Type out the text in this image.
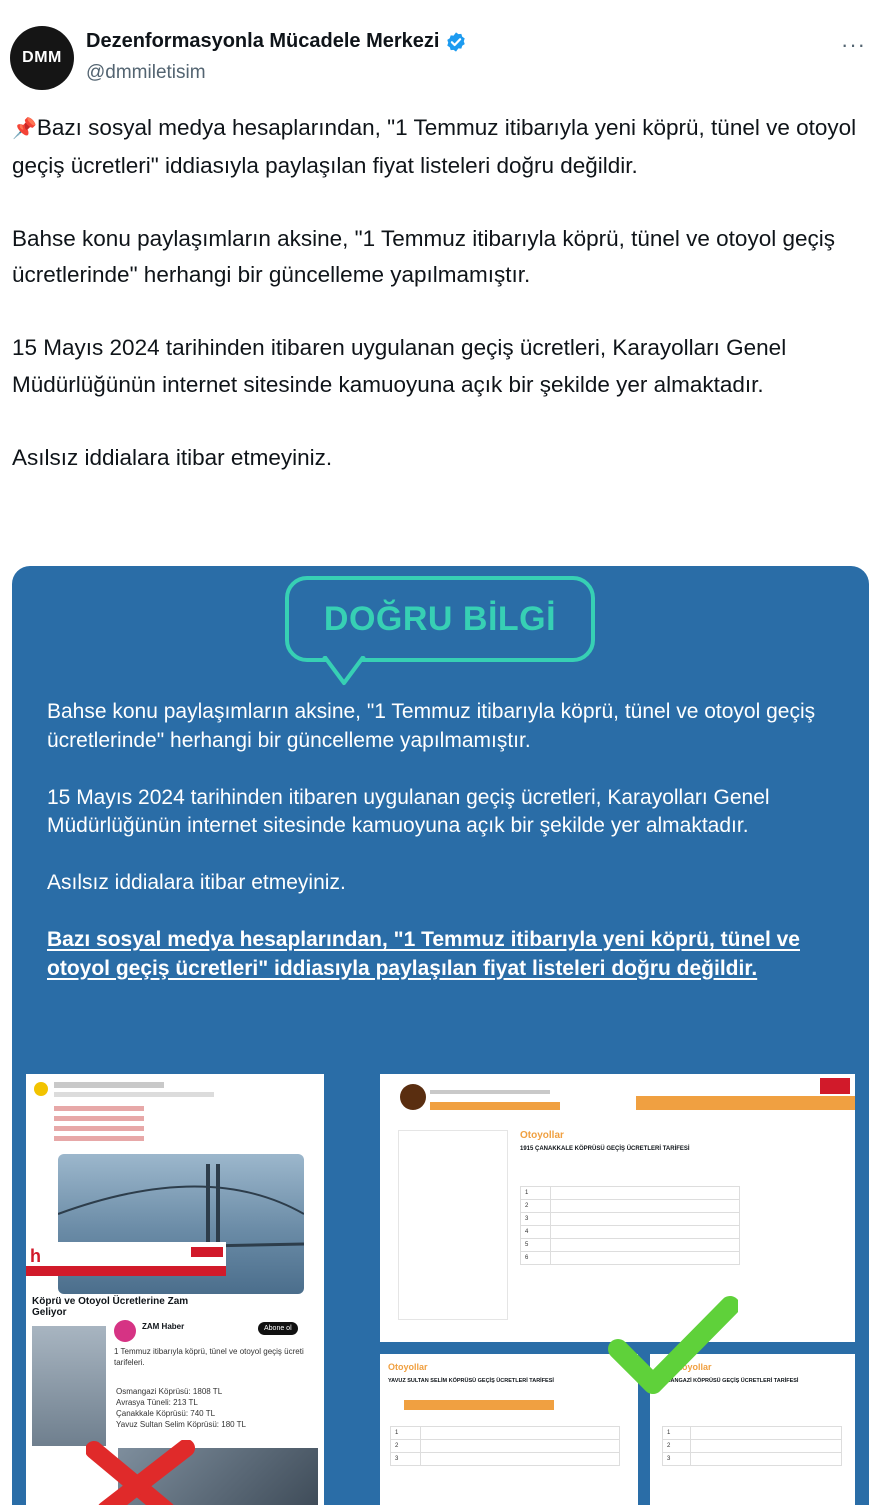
DMM
Dezenformasyonla Mücadele Merkezi
@dmmiletisim
···

📌Bazı sosyal medya hesaplarından, "1 Temmuz itibarıyla yeni köprü, tünel ve otoyol geçiş ücretleri" iddiasıyla paylaşılan fiyat listeleri doğru değildir.

Bahse konu paylaşımların aksine, "1 Temmuz itibarıyla köprü, tünel ve otoyol geçiş ücretlerinde" herhangi bir güncelleme yapılmamıştır.

15 Mayıs 2024 tarihinden itibaren uygulanan geçiş ücretleri, Karayolları Genel Müdürlüğünün internet sitesinde kamuoyuna açık bir şekilde yer almaktadır.

Asılsız iddialara itibar etmeyiniz.

DOĞRU BİLGİ

Bahse konu paylaşımların aksine, "1 Temmuz itibarıyla köprü, tünel ve otoyol geçiş ücretlerinde" herhangi bir güncelleme yapılmamıştır.

15 Mayıs 2024 tarihinden itibaren uygulanan geçiş ücretleri, Karayolları Genel Müdürlüğünün internet sitesinde kamuoyuna açık bir şekilde yer almaktadır.

Asılsız iddialara itibar etmeyiniz.

Bazı sosyal medya hesaplarından, "1 Temmuz itibarıyla yeni köprü, tünel ve otoyol geçiş ücretleri" iddiasıyla paylaşılan fiyat listeleri doğru değildir.

h
Köprü ve Otoyol Ücretlerine Zam Geliyor
ZAM Haber	Abone ol
1 Temmuz itibarıyla köprü, tünel ve otoyol geçiş ücreti tarifeleri.
Osmangazi Köprüsü: 1808 TL
Avrasya Tüneli: 213 TL
Çanakkale Köprüsü: 740 TL
Yavuz Sultan Selim Köprüsü: 180 TL
Otoyollar
1915 ÇANAKKALE KÖPRÜSÜ GEÇİŞ ÜCRETLERİ TARİFESİ
1	
2	
3	
4	
5	
6	
Otoyollar
YAVUZ SULTAN SELİM KÖPRÜSÜ GEÇİŞ ÜCRETLERİ TARİFESİ
1	
2	
3	
Otoyollar
OSMANGAZİ KÖPRÜSÜ GEÇİŞ ÜCRETLERİ TARİFESİ
1	
2	
3	
